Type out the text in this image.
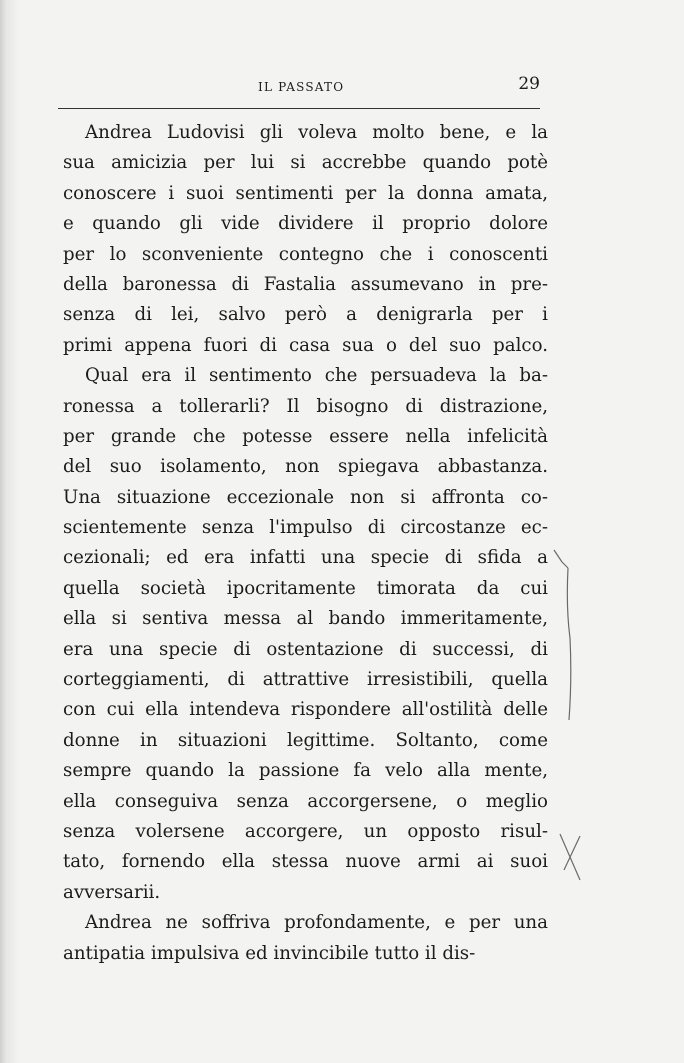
IL PASSATO	29
Andrea Ludovisi gli voleva molto bene, e la
sua amicizia per lui si accrebbe quando potè
conoscere i suoi sentimenti per la donna amata,
e quando gli vide dividere il proprio dolore
per lo sconveniente contegno che i conoscenti
della baronessa di Fastalia assumevano in pre-
senza di lei, salvo però a denigrarla per i
primi appena fuori di casa sua o del suo palco.
Qual era il sentimento che persuadeva la ba-
ronessa a tollerarli? Il bisogno di distrazione,
per grande che potesse essere nella infelicità
del suo isolamento, non spiegava abbastanza.
Una situazione eccezionale non si affronta co-
scientemente senza l'impulso di circostanze ec-
cezionali; ed era infatti una specie di sfida a
quella società ipocritamente timorata da cui
ella si sentiva messa al bando immeritamente,
era una specie di ostentazione di successi, di
corteggiamenti, di attrattive irresistibili, quella
con cui ella intendeva rispondere all'ostilità delle
donne in situazioni legittime. Soltanto, come
sempre quando la passione fa velo alla mente,
ella conseguiva senza accorgersene, o meglio
senza volersene accorgere, un opposto risul-
tato, fornendo ella stessa nuove armi ai suoi
avversarii.
Andrea ne soffriva profondamente, e per una
antipatia impulsiva ed invincibile tutto il dis-
